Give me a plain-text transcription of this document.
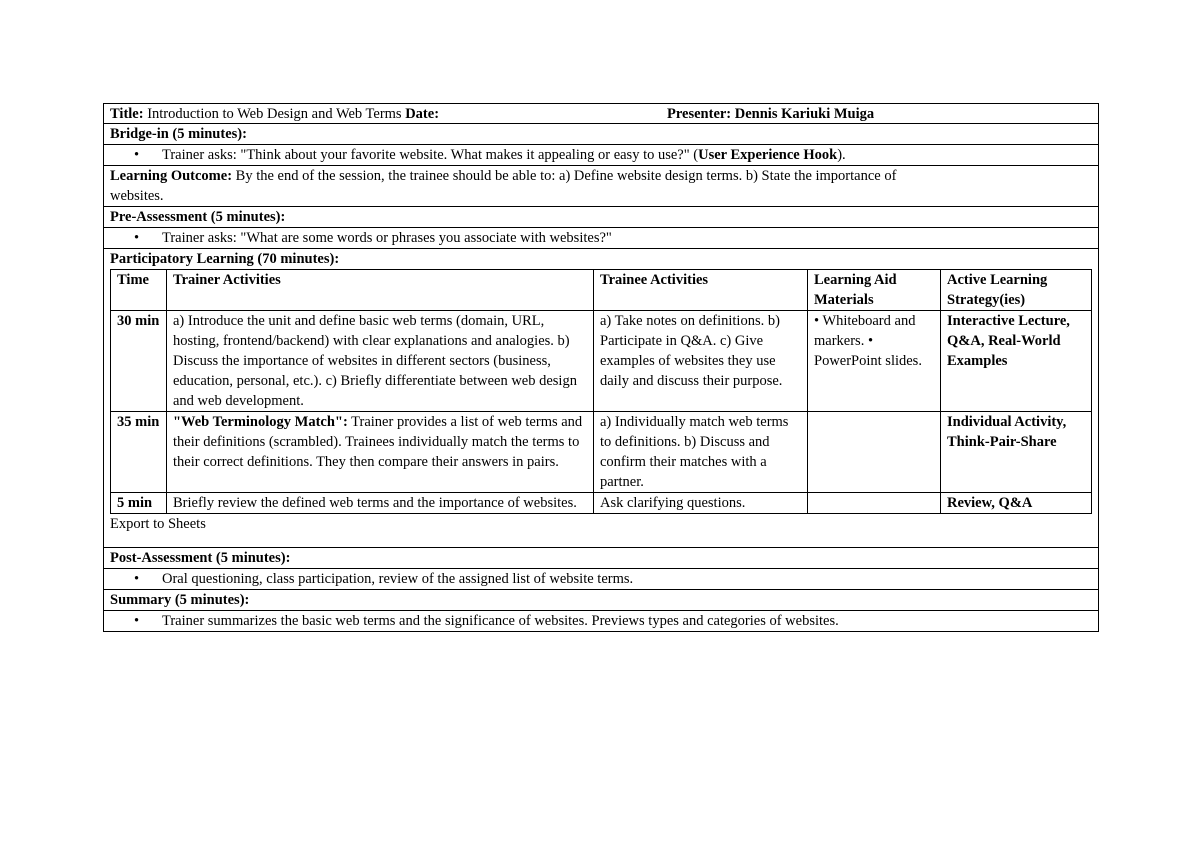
Title: Introduction to Web Design and Web Terms Date:	Presenter: Dennis Kariuki Muiga
Bridge-in (5 minutes):
• Trainer asks: "Think about your favorite website. What makes it appealing or easy to use?" (User Experience Hook).
Learning Outcome: By the end of the session, the trainee should be able to: a) Define website design terms. b) State the importance of
websites.
Pre-Assessment (5 minutes):
• Trainer asks: "What are some words or phrases you associate with websites?"
Participatory Learning (70 minutes):
Time	Trainer Activities	Trainee Activities	Learning Aid Materials	Active Learning Strategy(ies)
30 min	a) Introduce the unit and define basic web terms (domain, URL, hosting, frontend/backend) with clear explanations and analogies. b) Discuss the importance of websites in different sectors (business, education, personal, etc.). c) Briefly differentiate between web design and web development.	a) Take notes on definitions. b) Participate in Q&A. c) Give examples of websites they use daily and discuss their purpose.	• Whiteboard and markers. • PowerPoint slides.	Interactive Lecture, Q&A, Real-World Examples
35 min	"Web Terminology Match": Trainer provides a list of web terms and their definitions (scrambled). Trainees individually match the terms to their correct definitions. They then compare their answers in pairs.	a) Individually match web terms to definitions. b) Discuss and confirm their matches with a partner.		Individual Activity, Think-Pair-Share
5 min	Briefly review the defined web terms and the importance of websites.	Ask clarifying questions.		Review, Q&A
Export to Sheets
Post-Assessment (5 minutes):
• Oral questioning, class participation, review of the assigned list of website terms.
Summary (5 minutes):
• Trainer summarizes the basic web terms and the significance of websites. Previews types and categories of websites.
